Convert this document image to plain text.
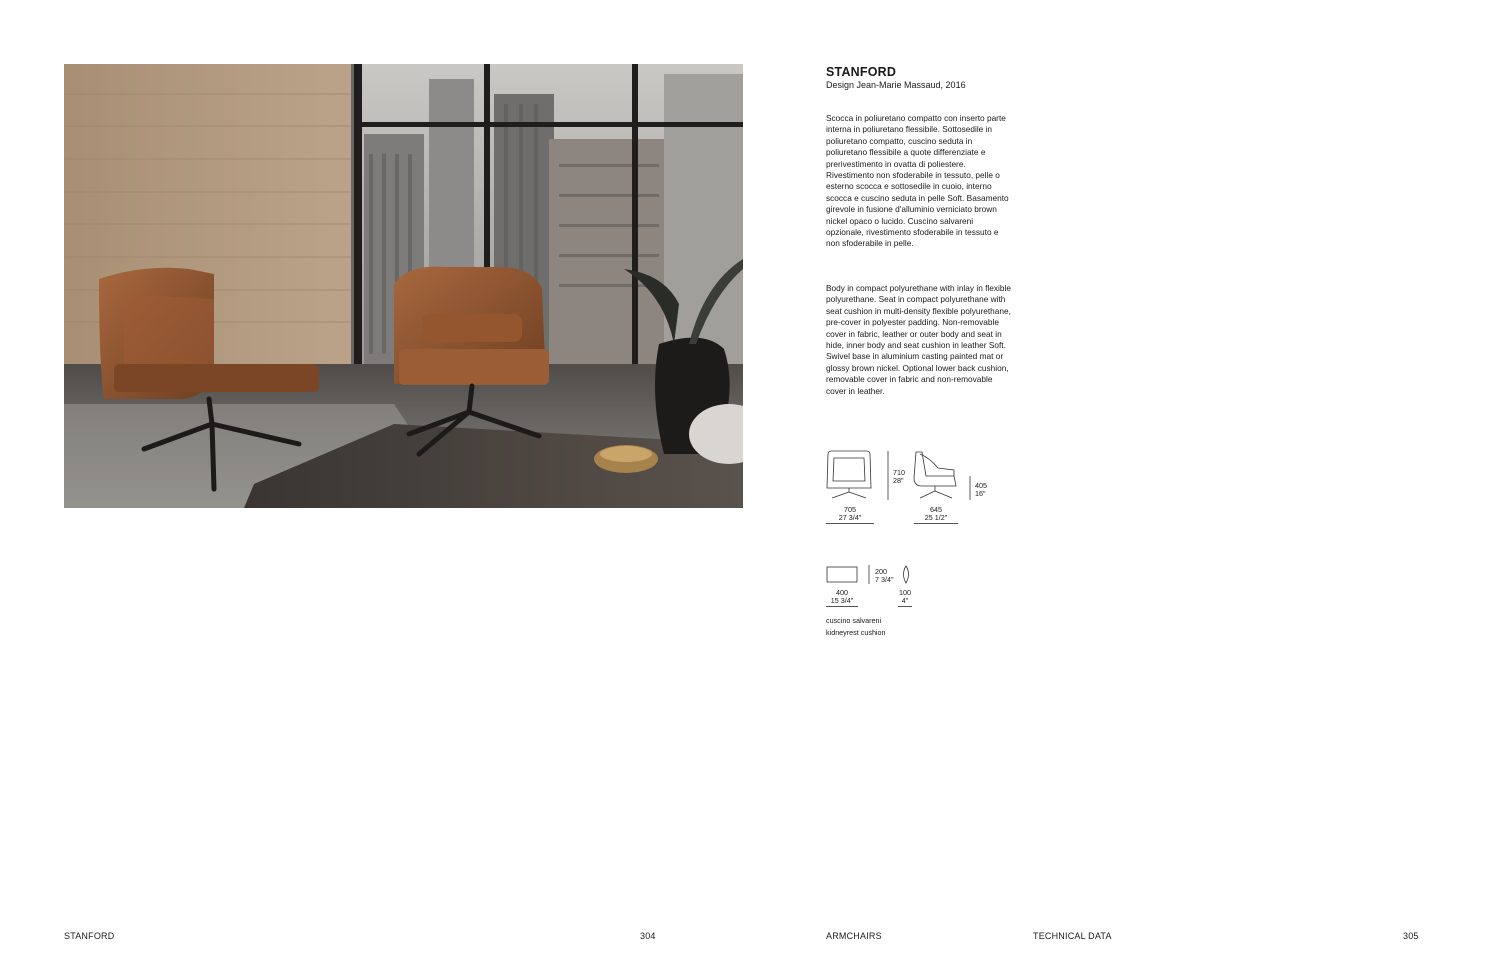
STANFORD
Design Jean-Marie Massaud, 2016

Scocca in poliuretano compatto con inserto parte interna in poliuretano flessibile. Sottosedile in poliuretano compatto, cuscino seduta in poliuretano flessibile a quote differenziate e prerivestimento in ovatta di poliestere. Rivestimento non sfoderabile in tessuto, pelle o esterno scocca e sottosedile in cuoio, interno scocca e cuscino seduta in pelle Soft. Basamento girevole in fusione d'alluminio verniciato brown nickel opaco o lucido. Cuscino salvareni opzionale, rivestimento sfoderabile in tessuto e non sfoderabile in pelle.

Body in compact polyurethane with inlay in flexible polyurethane. Seat in compact polyurethane with seat cushion in multi-density flexible polyurethane, pre-cover in polyester padding. Non-removable cover in fabric, leather or outer body and seat in hide, inner body and seat cushion in leather Soft. Swivel base in aluminium casting painted mat or glossy brown nickel. Optional lower back cushion, removable cover in fabric and non-removable cover in leather.

710
28"
405
16"
705
27 3/4"
645
25 1/2"
200
7 3/4"
400
15 3/4"
100
4"
cuscino salvareni
kidneyrest cushion
STANFORD	304	ARMCHAIRS	TECHNICAL DATA	305
